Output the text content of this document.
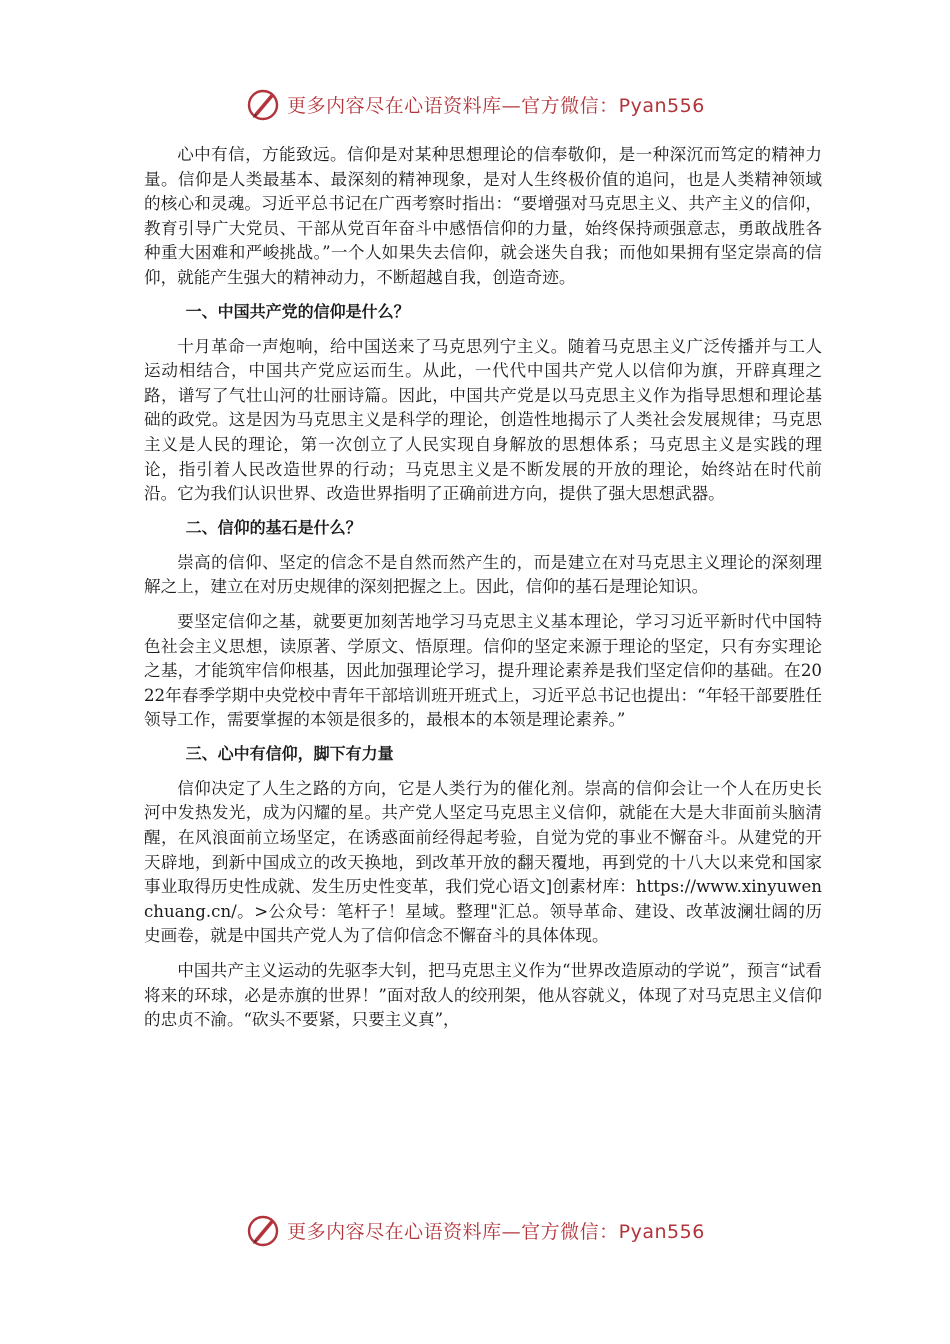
更多内容尽在心语资料库—官方微信：Pyan556

心中有信，方能致远。信仰是对某种思想理论的信奉敬仰，是一种深沉而笃定的精神力量。信仰是人类最基本、最深刻的精神现象，是对人生终极价值的追问，也是人类精神领域的核心和灵魂。习近平总书记在广西考察时指出：“要增强对马克思主义、共产主义的信仰，教育引导广大党员、干部从党百年奋斗中感悟信仰的力量，始终保持顽强意志，勇敢战胜各种重大困难和严峻挑战。”一个人如果失去信仰，就会迷失自我；而他如果拥有坚定崇高的信仰，就能产生强大的精神动力，不断超越自我，创造奇迹。

一、中国共产党的信仰是什么？

十月革命一声炮响，给中国送来了马克思列宁主义。随着马克思主义广泛传播并与工人运动相结合，中国共产党应运而生。从此，一代代中国共产党人以信仰为旗，开辟真理之路，谱写了气壮山河的壮丽诗篇。因此，中国共产党是以马克思主义作为指导思想和理论基础的政党。这是因为马克思主义是科学的理论，创造性地揭示了人类社会发展规律；马克思主义是人民的理论，第一次创立了人民实现自身解放的思想体系；马克思主义是实践的理论，指引着人民改造世界的行动；马克思主义是不断发展的开放的理论，始终站在时代前沿。它为我们认识世界、改造世界指明了正确前进方向，提供了强大思想武器。

二、信仰的基石是什么？

崇高的信仰、坚定的信念不是自然而然产生的，而是建立在对马克思主义理论的深刻理解之上，建立在对历史规律的深刻把握之上。因此，信仰的基石是理论知识。

要坚定信仰之基，就要更加刻苦地学习马克思主义基本理论，学习习近平新时代中国特色社会主义思想，读原著、学原文、悟原理。信仰的坚定来源于理论的坚定，只有夯实理论之基，才能筑牢信仰根基，因此加强理论学习，提升理论素养是我们坚定信仰的基础。在2022年春季学期中央党校中青年干部培训班开班式上，习近平总书记也提出：“年轻干部要胜任领导工作，需要掌握的本领是很多的，最根本的本领是理论素养。”

三、心中有信仰，脚下有力量

信仰决定了人生之路的方向，它是人类行为的催化剂。崇高的信仰会让一个人在历史长河中发热发光，成为闪耀的星。共产党人坚定马克思主义信仰，就能在大是大非面前头脑清醒，在风浪面前立场坚定，在诱惑面前经得起考验，自觉为党的事业不懈奋斗。从建党的开天辟地，到新中国成立的改天换地，到改革开放的翻天覆地，再到党的十八大以来党和国家事业取得历史性成就、发生历史性变革，我们党心语文]创素材库：https://www.xinyuwenchuang.cn/。>公众号：笔杆子！星域。整理"汇总。领导革命、建设、改革波澜壮阔的历史画卷，就是中国共产党人为了信仰信念不懈奋斗的具体体现。

中国共产主义运动的先驱李大钊，把马克思主义作为“世界改造原动的学说”，预言“试看将来的环球，必是赤旗的世界！”面对敌人的绞刑架，他从容就义，体现了对马克思主义信仰的忠贞不渝。“砍头不要紧，只要主义真”，

更多内容尽在心语资料库—官方微信：Pyan556
